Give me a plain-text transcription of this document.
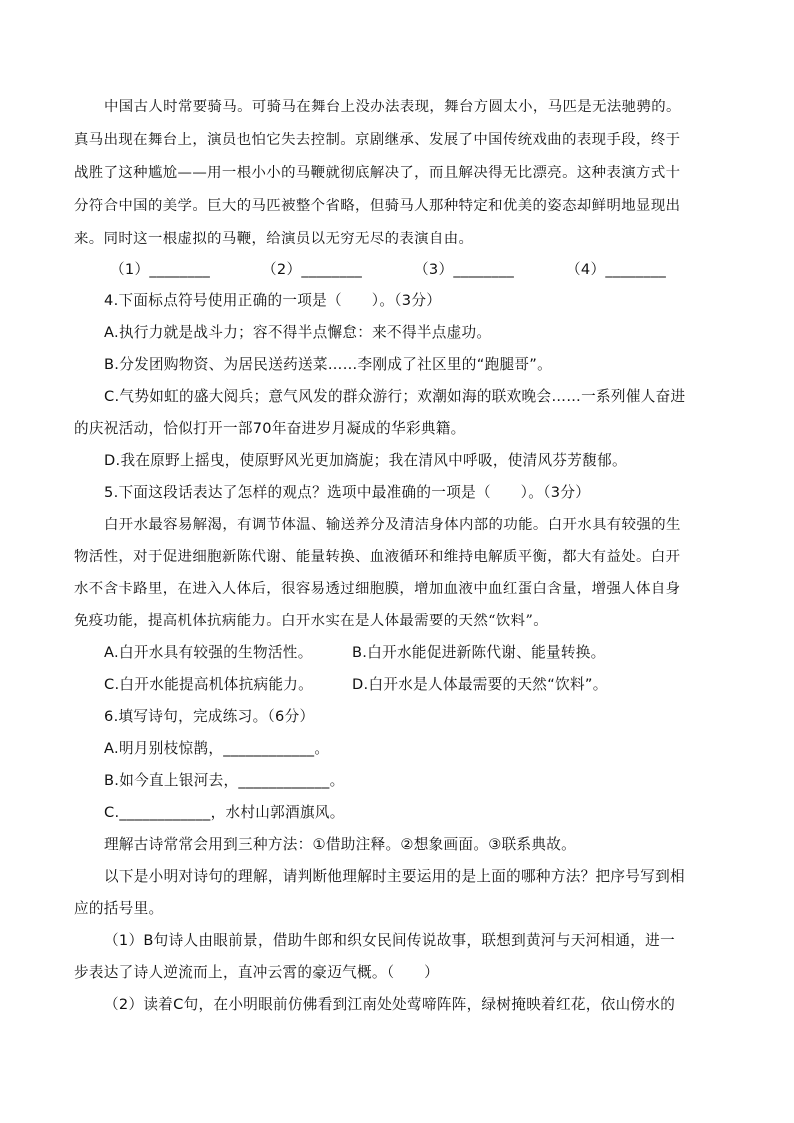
中国古人时常要骑马。可骑马在舞台上没办法表现，舞台方圆太小，马匹是无法驰骋的。
真马出现在舞台上，演员也怕它失去控制。京剧继承、发展了中国传统戏曲的表现手段，终于
战胜了这种尴尬——用一根小小的马鞭就彻底解决了，而且解决得无比漂亮。这种表演方式十
分符合中国的美学。巨大的马匹被整个省略，但骑马人那种特定和优美的姿态却鲜明地显现出
来。同时这一根虚拟的马鞭，给演员以无穷无尽的表演自由。
（1）________	（2）________	（3）________	（4）________
4.下面标点符号使用正确的一项是（　　）。（3分）
A.执行力就是战斗力；容不得半点懈怠：来不得半点虚功。
B.分发团购物资、为居民送药送菜……李刚成了社区里的“跑腿哥”。
C.气势如虹的盛大阅兵；意气风发的群众游行；欢潮如海的联欢晚会……一系列催人奋进
的庆祝活动，恰似打开一部70年奋进岁月凝成的华彩典籍。
D.我在原野上摇曳，使原野风光更加旖旎；我在清风中呼吸，使清风芬芳馥郁。
5.下面这段话表达了怎样的观点？选项中最准确的一项是（　　）。（3分）
白开水最容易解渴，有调节体温、输送养分及清洁身体内部的功能。白开水具有较强的生
物活性，对于促进细胞新陈代谢、能量转换、血液循环和维持电解质平衡，都大有益处。白开
水不含卡路里，在进入人体后，很容易透过细胞膜，增加血液中血红蛋白含量，增强人体自身
免疫功能，提高机体抗病能力。白开水实在是人体最需要的天然“饮料”。
A.白开水具有较强的生物活性。	B.白开水能促进新陈代谢、能量转换。
C.白开水能提高机体抗病能力。	D.白开水是人体最需要的天然“饮料”。
6.填写诗句，完成练习。（6分）
A.明月别枝惊鹊，____________。
B.如今直上银河去，____________。
C.____________，水村山郭酒旗风。
理解古诗常常会用到三种方法：①借助注释。②想象画面。③联系典故。
以下是小明对诗句的理解，请判断他理解时主要运用的是上面的哪种方法？把序号写到相
应的括号里。
（1）B句诗人由眼前景，借助牛郎和织女民间传说故事，联想到黄河与天河相通，进一
步表达了诗人逆流而上，直冲云霄的豪迈气概。（　　）
（2）读着C句，在小明眼前仿佛看到江南处处莺啼阵阵，绿树掩映着红花，依山傍水的
